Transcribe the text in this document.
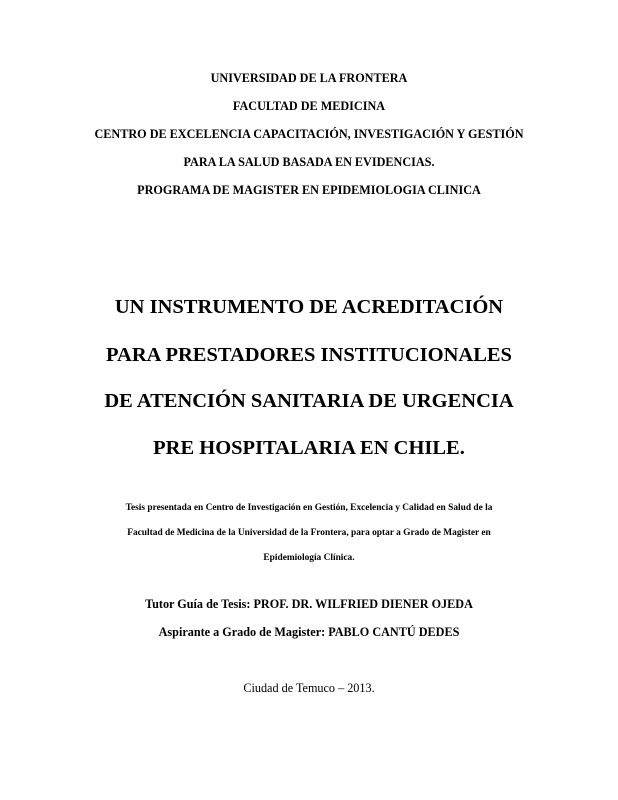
UNIVERSIDAD DE LA FRONTERA
FACULTAD DE MEDICINA
CENTRO DE EXCELENCIA CAPACITACIÓN, INVESTIGACIÓN Y GESTIÓN
PARA LA SALUD BASADA EN EVIDENCIAS.
PROGRAMA DE MAGISTER EN EPIDEMIOLOGIA CLINICA
UN INSTRUMENTO DE ACREDITACIÓN
PARA PRESTADORES INSTITUCIONALES
DE ATENCIÓN SANITARIA DE URGENCIA
PRE HOSPITALARIA EN CHILE.
Tesis presentada en Centro de Investigación en Gestión, Excelencia y Calidad en Salud de la
Facultad de Medicina de la Universidad de la Frontera, para optar a Grado de Magister en
Epidemiología Clínica.
Tutor Guía de Tesis: PROF. DR. WILFRIED DIENER OJEDA
Aspirante a Grado de Magister: PABLO CANTÚ DEDES
Ciudad de Temuco – 2013.
